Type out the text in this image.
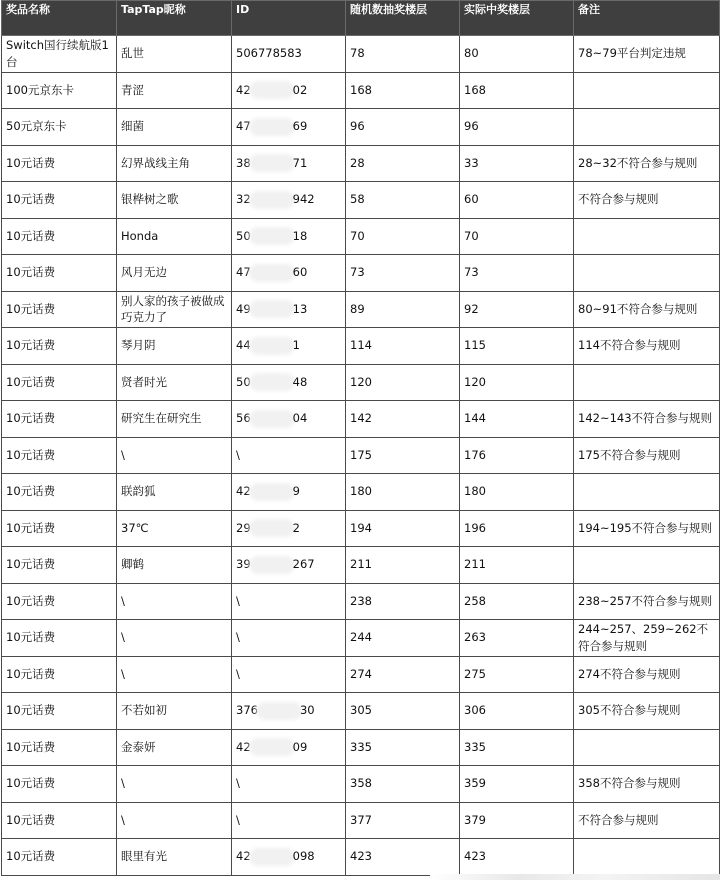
奖品名称	TapTap昵称	ID	随机数抽奖楼层	实际中奖楼层	备注

Switch国行续航版1台	乱世	506778583	78	80	78~79平台判定违规
100元京东卡	青涩	42 02	168	168	
50元京东卡	细菌	47 69	96	96	
10元话费	幻界战线主角	38 71	28	33	28~32不符合参与规则
10元话费	银桦树之歌	32 942	58	60	不符合参与规则
10元话费	Honda	50 18	70	70	
10元话费	风月无边	47 60	73	73	
10元话费	别人家的孩子被做成巧克力了	49 13	89	92	80~91不符合参与规则
10元话费	琴月阴	44 1	114	115	114不符合参与规则
10元话费	贤者时光	50 48	120	120	
10元话费	研究生在研究生	56 04	142	144	142~143不符合参与规则
10元话费	\	\	175	176	175不符合参与规则
10元话费	联韵狐	42 9	180	180	
10元话费	37℃	29 2	194	196	194~195不符合参与规则
10元话费	卿鹤	39 267	211	211	
10元话费	\	\	238	258	238~257不符合参与规则
10元话费	\	\	244	263	244~257、259~262不符合参与规则
10元话费	\	\	274	275	274不符合参与规则
10元话费	不若如初	376 30	305	306	305不符合参与规则
10元话费	金泰妍	42 09	335	335	
10元话费	\	\	358	359	358不符合参与规则
10元话费	\	\	377	379	不符合参与规则
10元话费	眼里有光	42 098	423	423	
